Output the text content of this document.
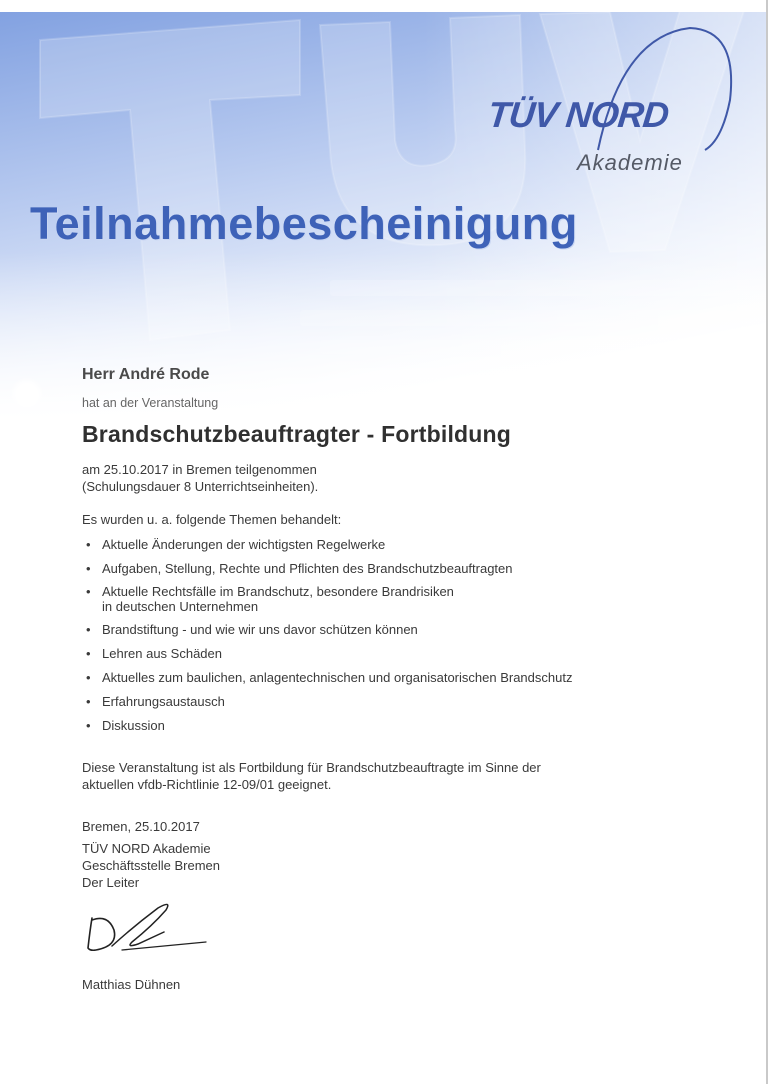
TÜV NORD
Akademie
Teilnahmebescheinigung
Herr André Rode
hat an der Veranstaltung
Brandschutzbeauftragter - Fortbildung
am 25.10.2017 in Bremen teilgenommen
(Schulungsdauer 8 Unterrichtseinheiten).
Es wurden u. a. folgende Themen behandelt:
• Aktuelle Änderungen der wichtigsten Regelwerke
• Aufgaben, Stellung, Rechte und Pflichten des Brandschutzbeauftragten
• Aktuelle Rechtsfälle im Brandschutz, besondere Brandrisiken
in deutschen Unternehmen
• Brandstiftung - und wie wir uns davor schützen können
• Lehren aus Schäden
• Aktuelles zum baulichen, anlagentechnischen und organisatorischen Brandschutz
• Erfahrungsaustausch
• Diskussion
Diese Veranstaltung ist als Fortbildung für Brandschutzbeauftragte im Sinne der
aktuellen vfdb-Richtlinie 12-09/01 geeignet.
Bremen, 25.10.2017
TÜV NORD Akademie
Geschäftsstelle Bremen
Der Leiter
Matthias Dühnen
